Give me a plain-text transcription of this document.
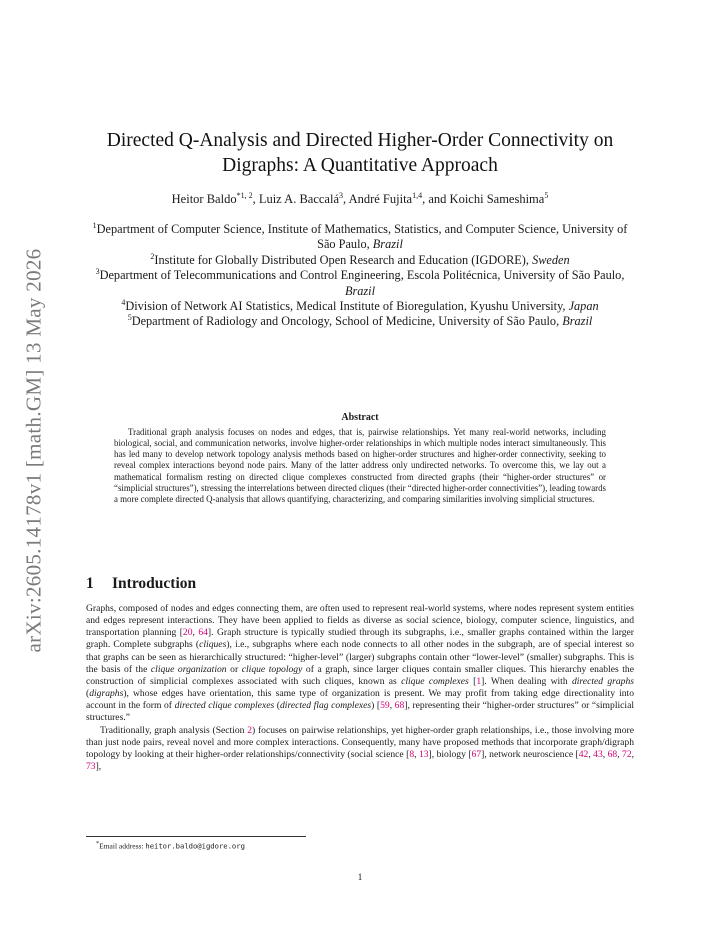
arXiv:2605.14178v1 [math.GM] 13 May 2026
Directed Q-Analysis and Directed Higher-Order Connectivity on Digraphs: A Quantitative Approach
Heitor Baldo$^{*1, 2}$, Luiz A. Baccalá$^3$, André Fujita$^{1,4}$, and Koichi Sameshima$^5$
$^1$Department of Computer Science, Institute of Mathematics, Statistics, and Computer Science, University of São Paulo, Brazil
$^2$Institute for Globally Distributed Open Research and Education (IGDORE), Sweden
$^3$Department of Telecommunications and Control Engineering, Escola Politécnica, University of São Paulo, Brazil
$^4$Division of Network AI Statistics, Medical Institute of Bioregulation, Kyushu University, Japan
$^5$Department of Radiology and Oncology, School of Medicine, University of São Paulo, Brazil
Abstract
Traditional graph analysis focuses on nodes and edges, that is, pairwise relationships. Yet many real-world networks, including biological, social, and communication networks, involve higher-order relationships in which multiple nodes interact simultaneously. This has led many to develop network topology analysis methods based on higher-order structures and higher-order connectivity, seeking to reveal complex interactions beyond node pairs. Many of the latter address only undirected networks. To overcome this, we lay out a mathematical formalism resting on directed clique complexes constructed from directed graphs (their “higher-order structures” or “simplicial structures”), stressing the interrelations between directed cliques (their “directed higher-order connectivities”), leading towards a more complete directed Q-analysis that allows quantifying, characterizing, and comparing similarities involving simplicial structures.
1 Introduction

Graphs, composed of nodes and edges connecting them, are often used to represent real-world systems, where nodes represent system entities and edges represent interactions. They have been applied to fields as diverse as social science, biology, computer science, linguistics, and transportation planning [20, 64]. Graph structure is typically studied through its subgraphs, i.e., smaller graphs contained within the larger graph. Complete subgraphs (cliques), i.e., subgraphs where each node connects to all other nodes in the subgraph, are of special interest so that graphs can be seen as hierarchically structured: “higher-level” (larger) subgraphs contain other “lower-level” (smaller) subgraphs. This is the basis of the clique organization or clique topology of a graph, since larger cliques contain smaller cliques. This hierarchy enables the construction of simplicial complexes associated with such cliques, known as clique complexes [1]. When dealing with directed graphs (digraphs), whose edges have orientation, this same type of organization is present. We may profit from taking edge directionality into account in the form of directed clique complexes (directed flag complexes) [59, 68], representing their “higher-order structures” or “simplicial structures.”

Traditionally, graph analysis (Section 2) focuses on pairwise relationships, yet higher-order graph relationships, i.e., those involving more than just node pairs, reveal novel and more complex interactions. Consequently, many have proposed methods that incorporate graph/digraph topology by looking at their higher-order relationships/connectivity (social science [8, 13], biology [67], network neuroscience [42, 43, 68, 72, 73],

*Email address: heitor.baldo@igdore.org
1
